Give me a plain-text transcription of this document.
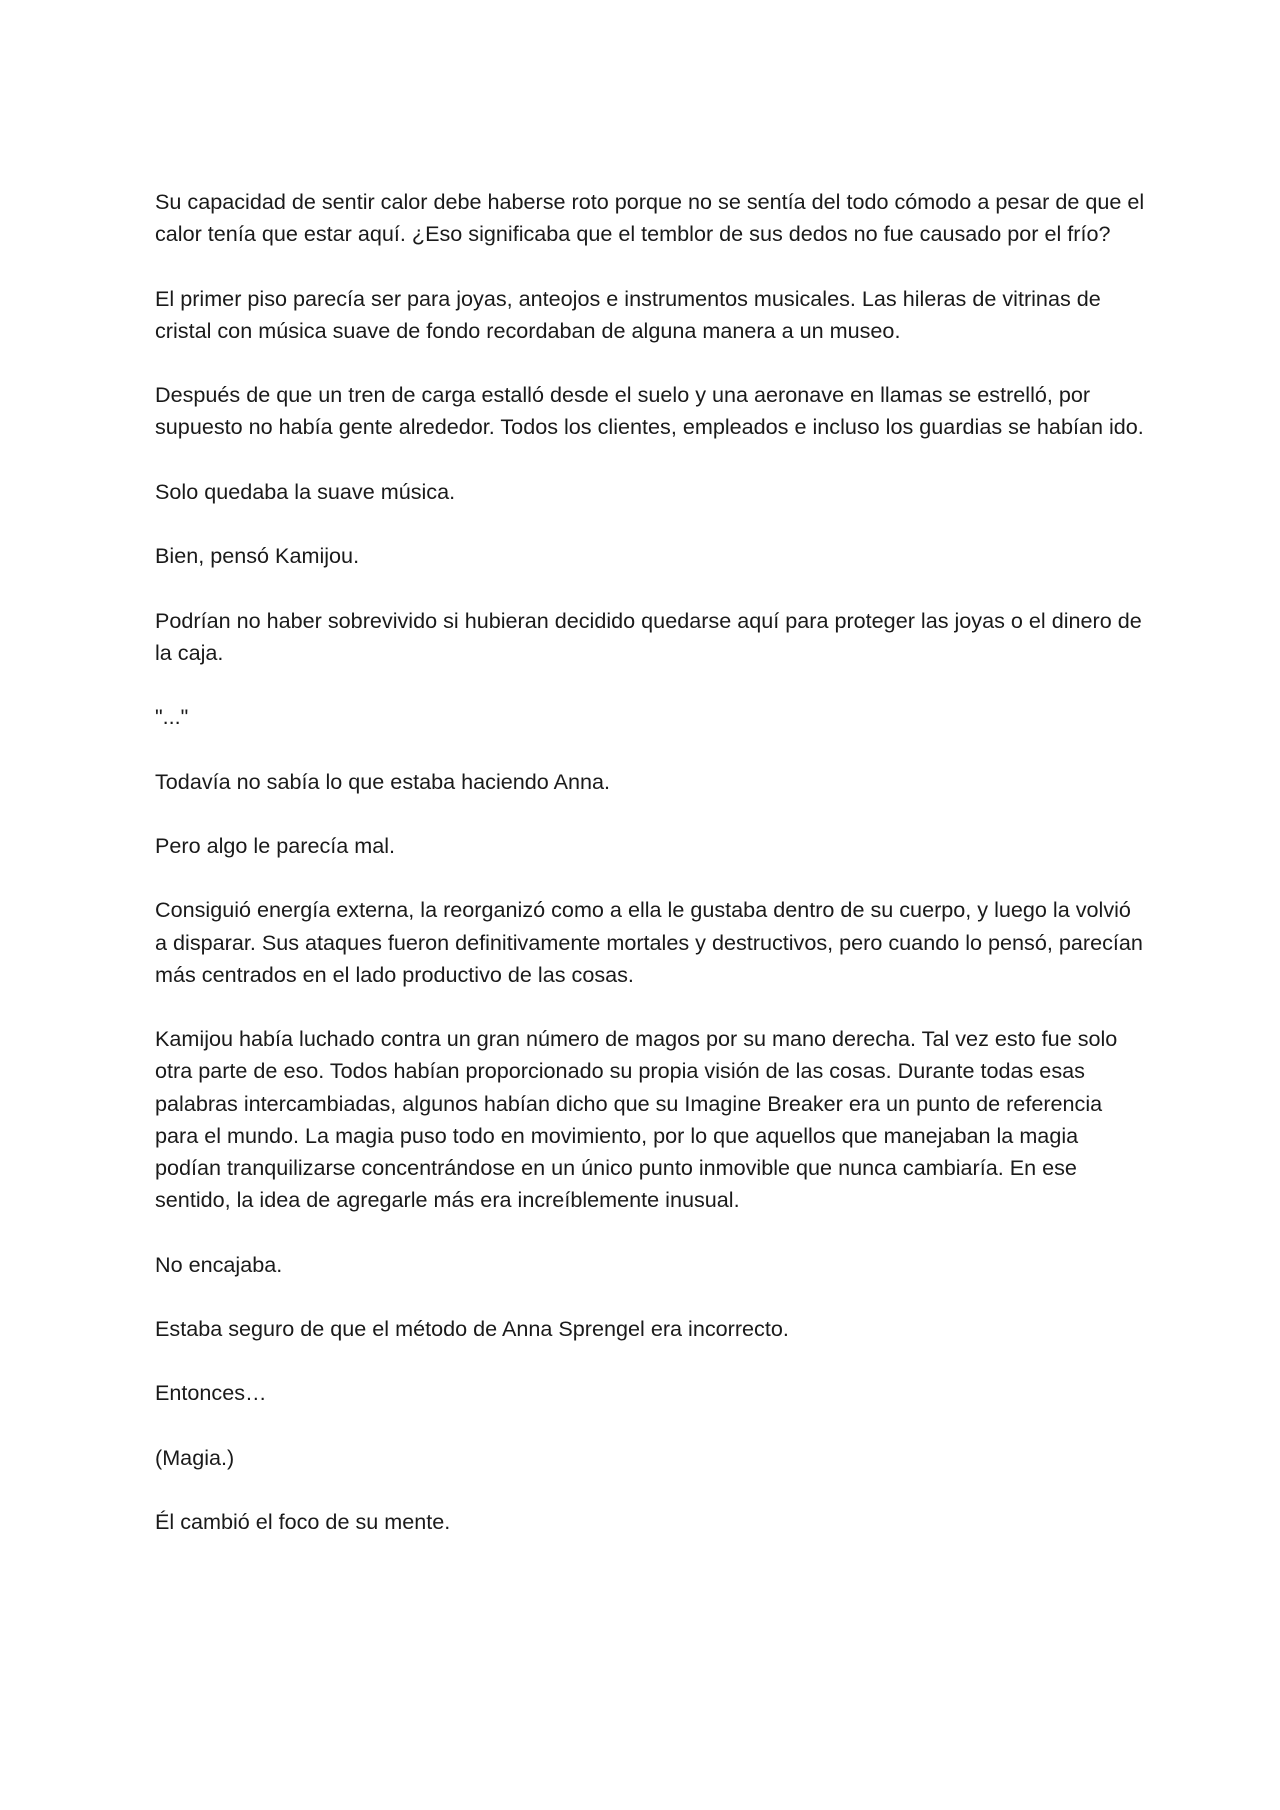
Su capacidad de sentir calor debe haberse roto porque no se sentía del todo cómodo a pesar de que el calor tenía que estar aquí. ¿Eso significaba que el temblor de sus dedos no fue causado por el frío?

El primer piso parecía ser para joyas, anteojos e instrumentos musicales. Las hileras de vitrinas de cristal con música suave de fondo recordaban de alguna manera a un museo.

Después de que un tren de carga estalló desde el suelo y una aeronave en llamas se estrelló, por supuesto no había gente alrededor. Todos los clientes, empleados e incluso los guardias se habían ido.

Solo quedaba la suave música.

Bien, pensó Kamijou.

Podrían no haber sobrevivido si hubieran decidido quedarse aquí para proteger las joyas o el dinero de la caja.

"..."

Todavía no sabía lo que estaba haciendo Anna.

Pero algo le parecía mal.

Consiguió energía externa, la reorganizó como a ella le gustaba dentro de su cuerpo, y luego la volvió a disparar. Sus ataques fueron definitivamente mortales y destructivos, pero cuando lo pensó, parecían más centrados en el lado productivo de las cosas.

Kamijou había luchado contra un gran número de magos por su mano derecha. Tal vez esto fue solo otra parte de eso. Todos habían proporcionado su propia visión de las cosas. Durante todas esas palabras intercambiadas, algunos habían dicho que su Imagine Breaker era un punto de referencia para el mundo. La magia puso todo en movimiento, por lo que aquellos que manejaban la magia podían tranquilizarse concentrándose en un único punto inmovible que nunca cambiaría. En ese sentido, la idea de agregarle más era increíblemente inusual.

No encajaba.

Estaba seguro de que el método de Anna Sprengel era incorrecto.

Entonces…

(Magia.)

Él cambió el foco de su mente.
